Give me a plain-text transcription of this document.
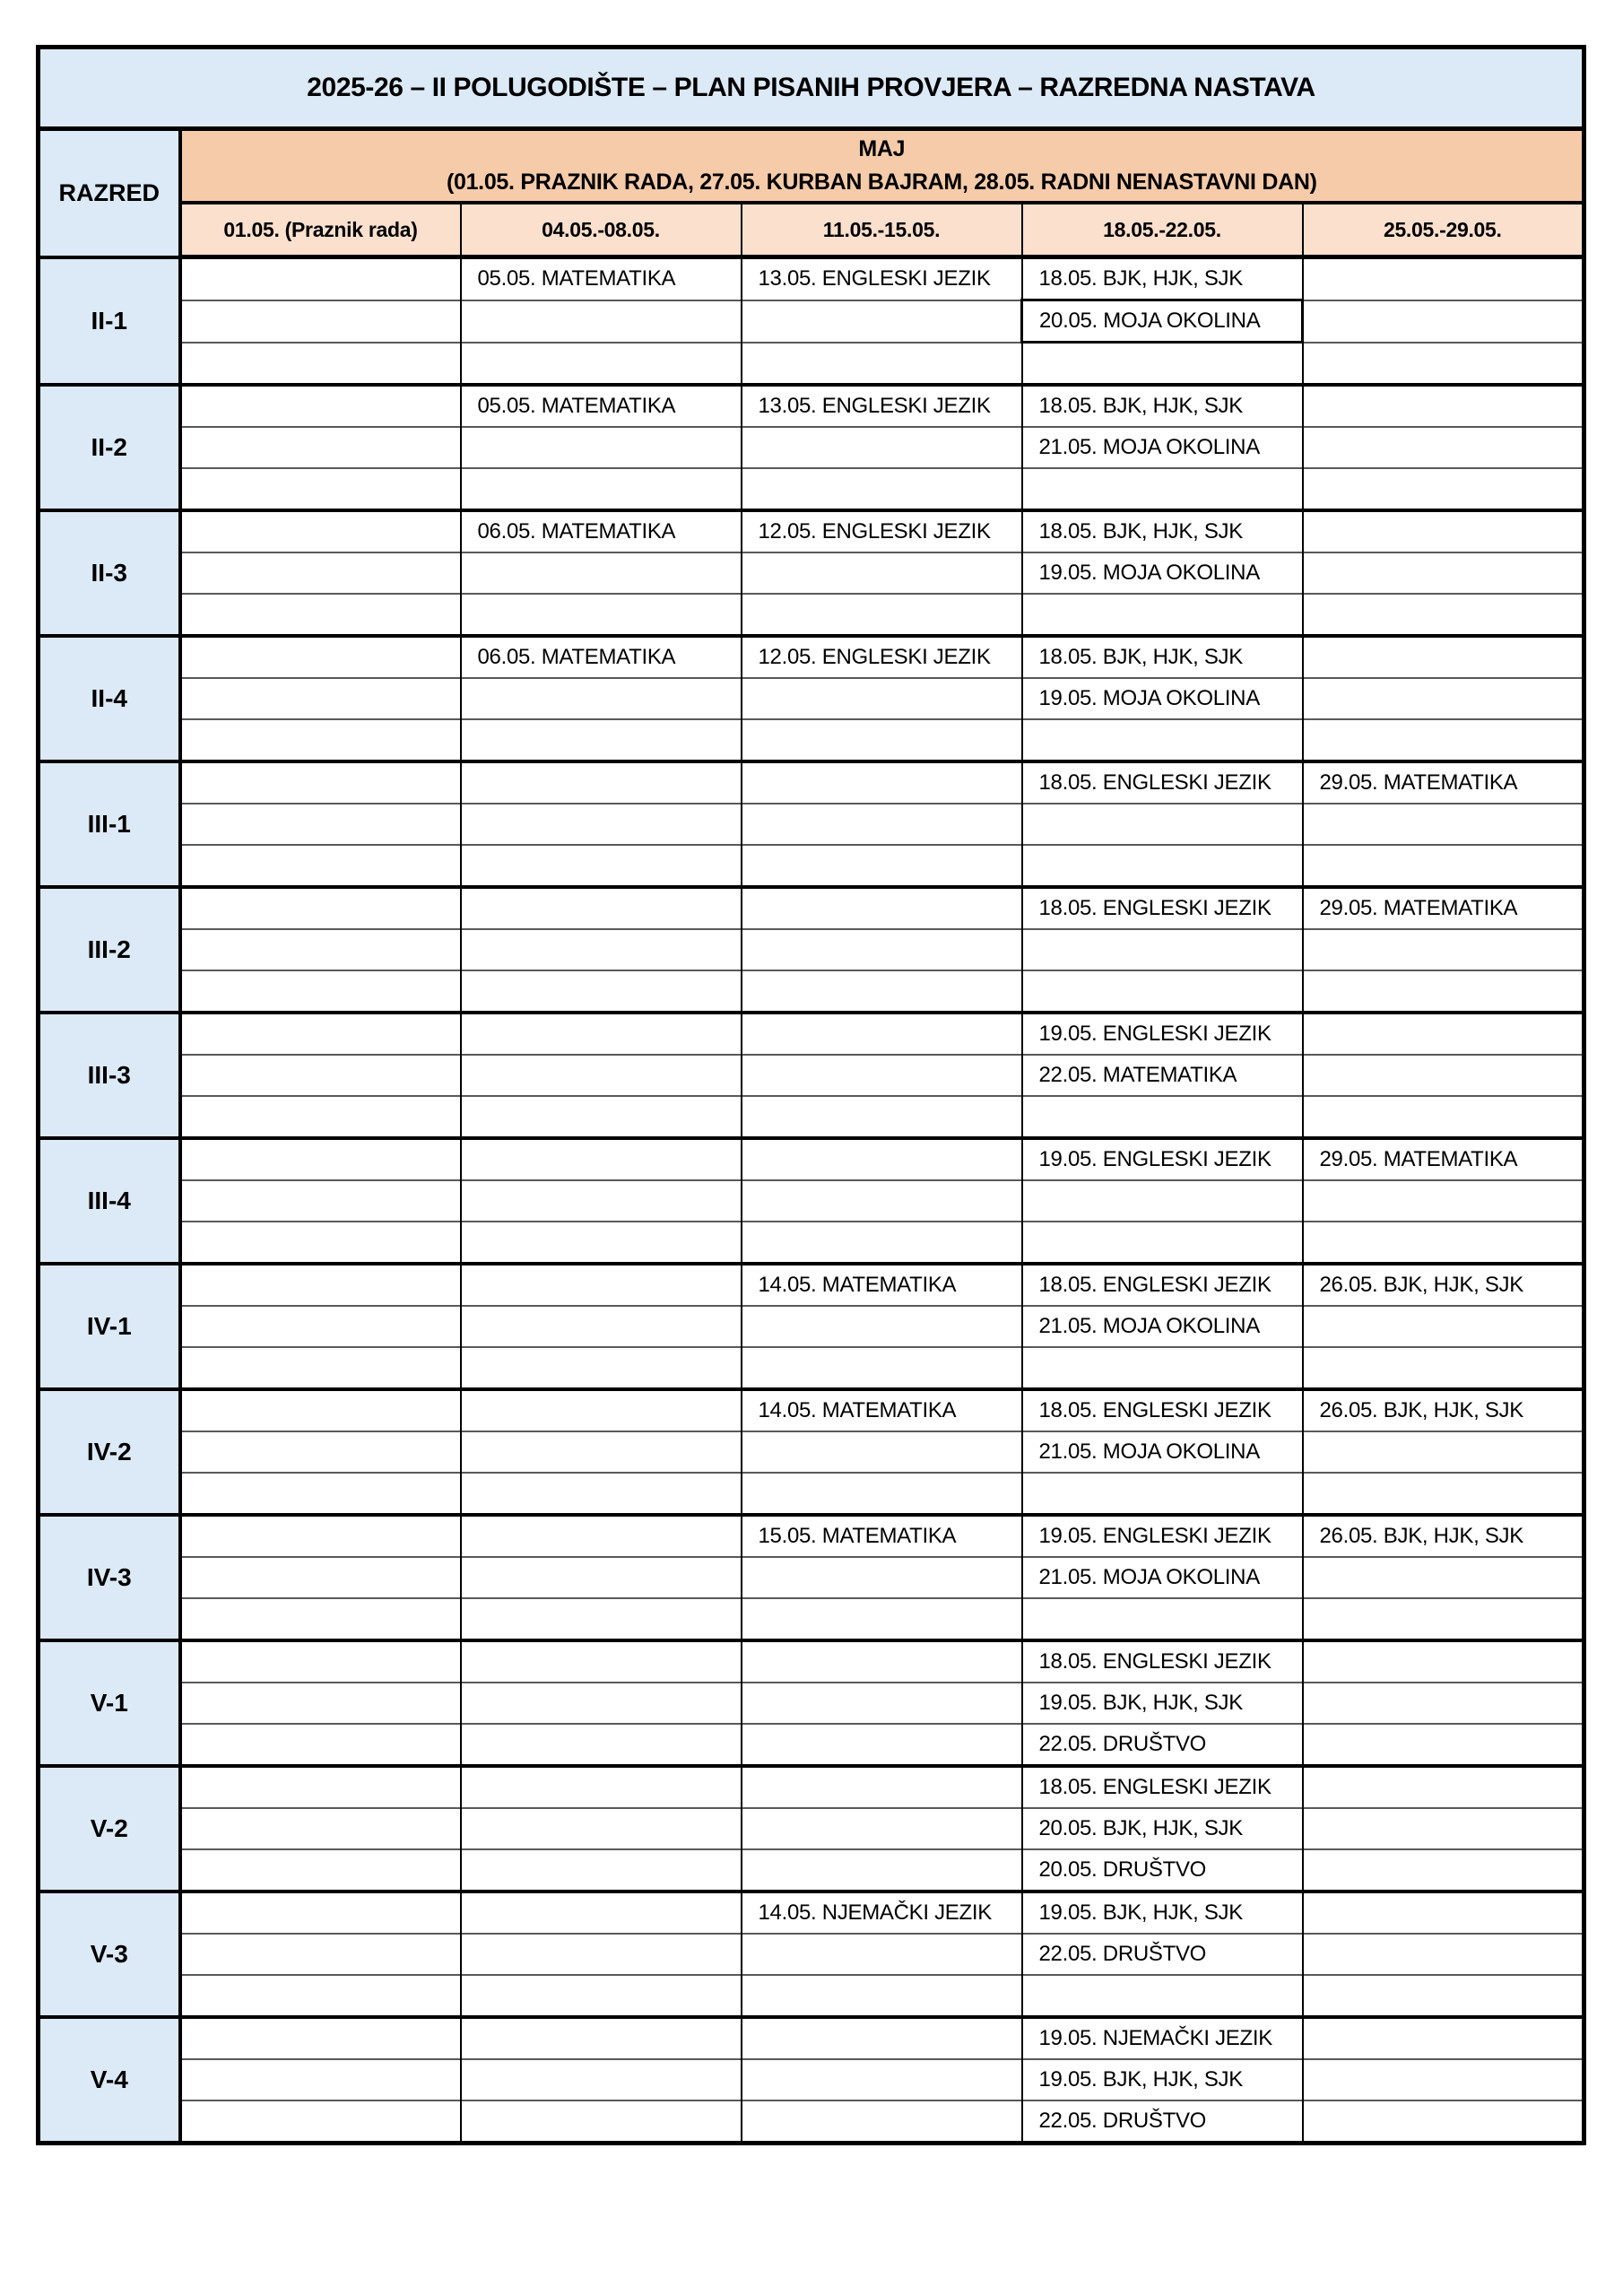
2025-26 – II POLUGODIŠTE – PLAN PISANIH PROVJERA – RAZREDNA NASTAVA					
RAZRED	MAJ
(01.05. PRAZNIK RADA, 27.05. KURBAN BAJRAM, 28.05. RADNI NENASTAVNI DAN)				

	01.05. (Praznik rada)	04.05.-08.05.	11.05.-15.05.	18.05.-22.05.	25.05.-29.05.
II-1		05.05. MATEMATIKA	13.05. ENGLESKI JEZIK	18.05. BJK, HJK, SJK	
				20.05. MOJA OKOLINA	

II-2		05.05. MATEMATIKA	13.05. ENGLESKI JEZIK	18.05. BJK, HJK, SJK	
				21.05. MOJA OKOLINA	

II-3		06.05. MATEMATIKA	12.05. ENGLESKI JEZIK	18.05. BJK, HJK, SJK	
				19.05. MOJA OKOLINA	

II-4		06.05. MATEMATIKA	12.05. ENGLESKI JEZIK	18.05. BJK, HJK, SJK	
				19.05. MOJA OKOLINA	

III-1				18.05. ENGLESKI JEZIK	29.05. MATEMATIKA

III-2				18.05. ENGLESKI JEZIK	29.05. MATEMATIKA

III-3				19.05. ENGLESKI JEZIK	
				22.05. MATEMATIKA	

III-4				19.05. ENGLESKI JEZIK	29.05. MATEMATIKA

IV-1			14.05. MATEMATIKA	18.05. ENGLESKI JEZIK	26.05. BJK, HJK, SJK
				21.05. MOJA OKOLINA	

IV-2			14.05. MATEMATIKA	18.05. ENGLESKI JEZIK	26.05. BJK, HJK, SJK
				21.05. MOJA OKOLINA	

IV-3			15.05. MATEMATIKA	19.05. ENGLESKI JEZIK	26.05. BJK, HJK, SJK
				21.05. MOJA OKOLINA	

V-1				18.05. ENGLESKI JEZIK	
				19.05. BJK, HJK, SJK	
				22.05. DRUŠTVO	
V-2				18.05. ENGLESKI JEZIK	
				20.05. BJK, HJK, SJK	
				20.05. DRUŠTVO	
V-3			14.05. NJEMAČKI JEZIK	19.05. BJK, HJK, SJK	
				22.05. DRUŠTVO	

V-4				19.05. NJEMAČKI JEZIK	
				19.05. BJK, HJK, SJK	
				22.05. DRUŠTVO	
